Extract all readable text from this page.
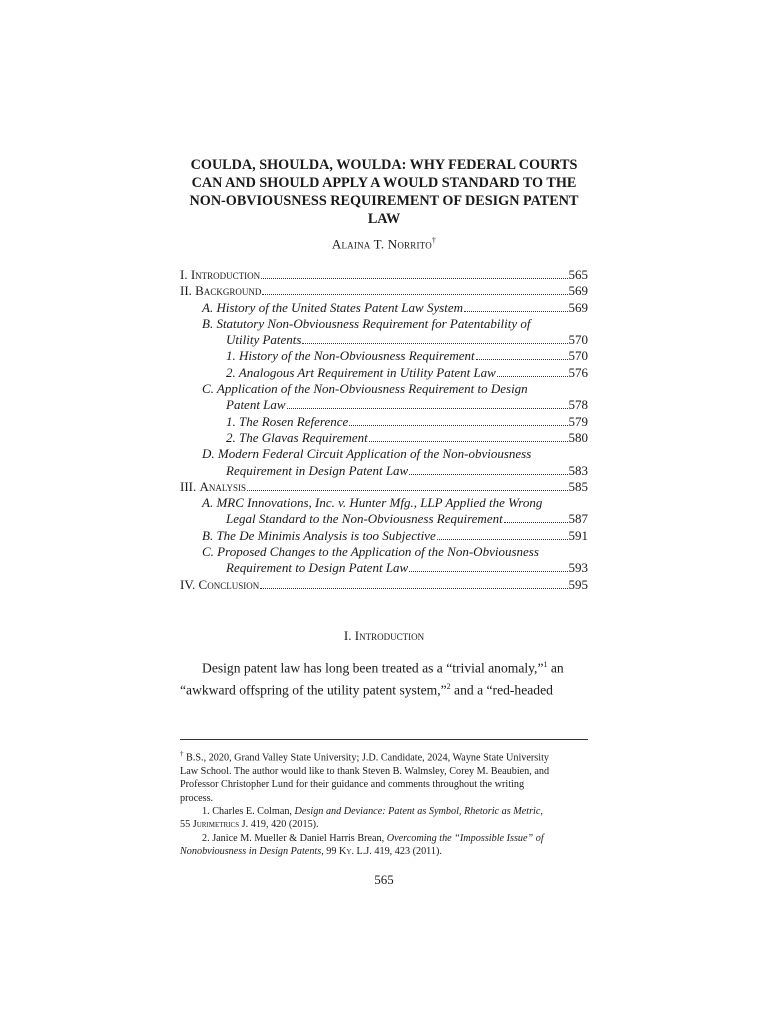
COULDA, SHOULDA, WOULDA: WHY FEDERAL COURTS
CAN AND SHOULD APPLY A WOULD STANDARD TO THE
NON-OBVIOUSNESS REQUIREMENT OF DESIGN PATENT
LAW
Alaina T. Norrito†
I. Introduction	565
II. Background	569
A. History of the United States Patent Law System	569
B. Statutory Non-Obviousness Requirement for Patentability of
Utility Patents	570
1. History of the Non-Obviousness Requirement	570
2. Analogous Art Requirement in Utility Patent Law	576
C. Application of the Non-Obviousness Requirement to Design
Patent Law	578
1. The Rosen Reference	579
2. The Glavas Requirement	580
D. Modern Federal Circuit Application of the Non-obviousness
Requirement in Design Patent Law	583
III. Analysis	585
A. MRC Innovations, Inc. v. Hunter Mfg., LLP Applied the Wrong
Legal Standard to the Non-Obviousness Requirement	587
B. The De Minimis Analysis is too Subjective	591
C. Proposed Changes to the Application of the Non-Obviousness
Requirement to Design Patent Law	593
IV. Conclusion	595
I. Introduction
Design patent law has long been treated as a “trivial anomaly,”$^1$ an
“awkward offspring of the utility patent system,”$^2$ and a “red-headed
† B.S., 2020, Grand Valley State University; J.D. Candidate, 2024, Wayne State University
Law School. The author would like to thank Steven B. Walmsley, Corey M. Beaubien, and
Professor Christopher Lund for their guidance and comments throughout the writing
process.
1. Charles E. Colman, Design and Deviance: Patent as Symbol, Rhetoric as Metric,
55 Jurimetrics J. 419, 420 (2015).
2. Janice M. Mueller & Daniel Harris Brean, Overcoming the “Impossible Issue” of
Nonobviousness in Design Patents, 99 Ky. L.J. 419, 423 (2011).
565
